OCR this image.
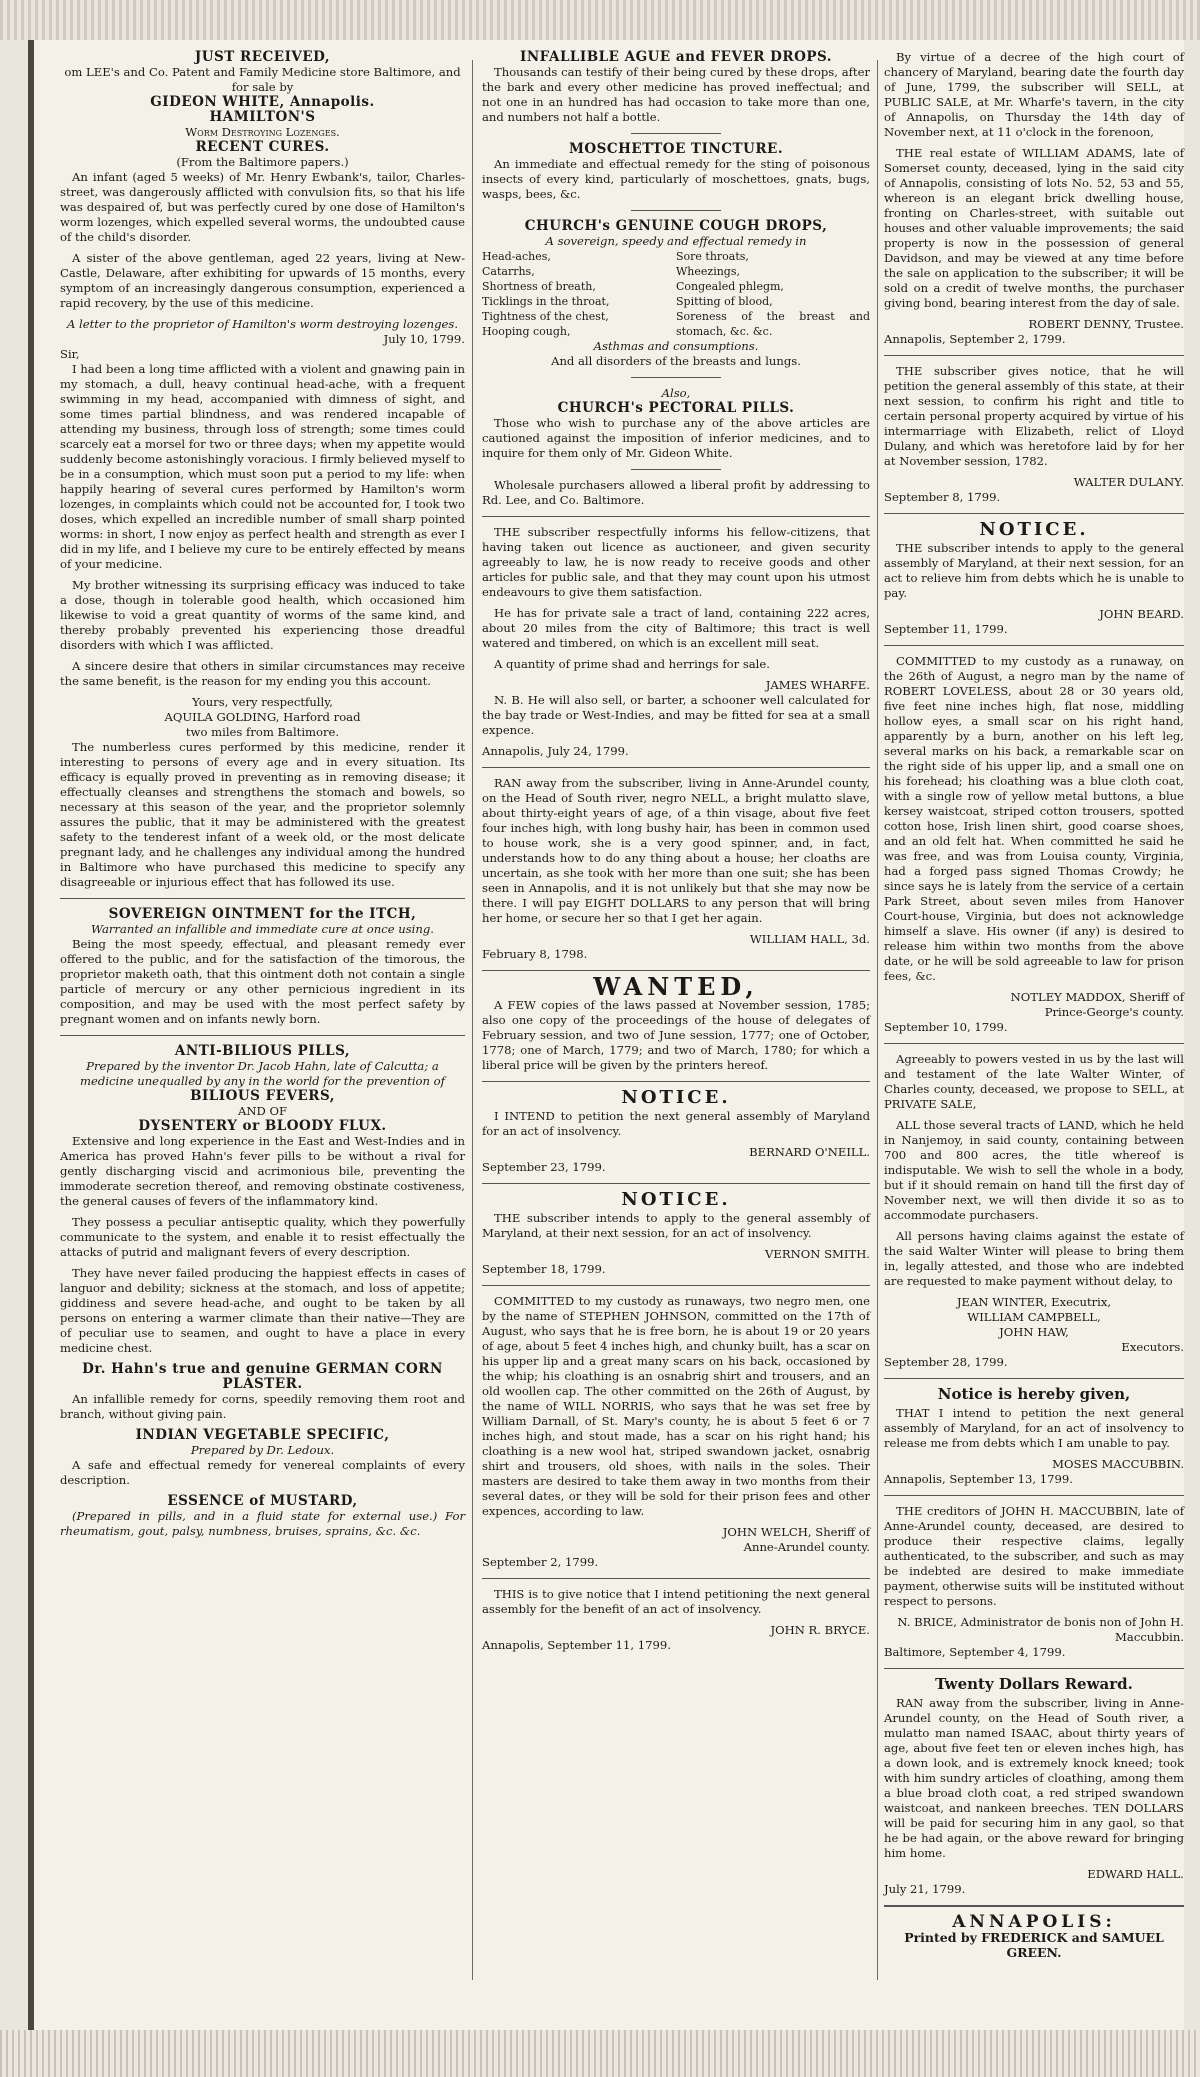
JUST RECEIVED,
om LEE's and Co. Patent and Family Medicine store Baltimore, and for sale by
GIDEON WHITE, Annapolis.
HAMILTON'S
Worm Destroying Lozenges.
RECENT CURES.
(From the Baltimore papers.)

An infant (aged 5 weeks) of Mr. Henry Ewbank's, tailor, Charles-street, was dangerously afflicted with convulsion fits, so that his life was despaired of, but was perfectly cured by one dose of Hamilton's worm lozenges, which expelled several worms, the undoubted cause of the child's disorder.

A sister of the above gentleman, aged 22 years, living at New-Castle, Delaware, after exhibiting for upwards of 15 months, every symptom of an increasingly dangerous consumption, experienced a rapid recovery, by the use of this medicine.

A letter to the proprietor of Hamilton's worm destroying lozenges.
July 10, 1799.
Sir,

I had been a long time afflicted with a violent and gnawing pain in my stomach, a dull, heavy continual head-ache, with a frequent swimming in my head, accompanied with dimness of sight, and some times partial blindness, and was rendered incapable of attending my business, through loss of strength; some times could scarcely eat a morsel for two or three days; when my appetite would suddenly become astonishingly voracious. I firmly believed myself to be in a consumption, which must soon put a period to my life: when happily hearing of several cures performed by Hamilton's worm lozenges, in complaints which could not be accounted for, I took two doses, which expelled an incredible number of small sharp pointed worms: in short, I now enjoy as perfect health and strength as ever I did in my life, and I believe my cure to be entirely effected by means of your medicine.

My brother witnessing its surprising efficacy was induced to take a dose, though in tolerable good health, which occasioned him likewise to void a great quantity of worms of the same kind, and thereby probably prevented his experiencing those dreadful disorders with which I was afflicted.

A sincere desire that others in similar circumstances may receive the same benefit, is the reason for my ending you this account.

Yours, very respectfully,
AQUILA GOLDING, Harford road
two miles from Baltimore.

The numberless cures performed by this medicine, render it interesting to persons of every age and in every situation. Its efficacy is equally proved in preventing as in removing disease; it effectually cleanses and strengthens the stomach and bowels, so necessary at this season of the year, and the proprietor solemnly assures the public, that it may be administered with the greatest safety to the tenderest infant of a week old, or the most delicate pregnant lady, and he challenges any individual among the hundred in Baltimore who have purchased this medicine to specify any disagreeable or injurious effect that has followed its use.

SOVEREIGN OINTMENT for the ITCH,
Warranted an infallible and immediate cure at once using.

Being the most speedy, effectual, and pleasant remedy ever offered to the public, and for the satisfaction of the timorous, the proprietor maketh oath, that this ointment doth not contain a single particle of mercury or any other pernicious ingredient in its composition, and may be used with the most perfect safety by pregnant women and on infants newly born.

ANTI-BILIOUS PILLS,
Prepared by the inventor Dr. Jacob Hahn, late of Calcutta; a medicine unequalled by any in the world for the prevention of
BILIOUS FEVERS,
AND OF
DYSENTERY or BLOODY FLUX.

Extensive and long experience in the East and West-Indies and in America has proved Hahn's fever pills to be without a rival for gently discharging viscid and acrimonious bile, preventing the immoderate secretion thereof, and removing obstinate costiveness, the general causes of fevers of the inflammatory kind.

They possess a peculiar antiseptic quality, which they powerfully communicate to the system, and enable it to resist effectually the attacks of putrid and malignant fevers of every description.

They have never failed producing the happiest effects in cases of languor and debility; sickness at the stomach, and loss of appetite; giddiness and severe head-ache, and ought to be taken by all persons on entering a warmer climate than their native—They are of peculiar use to seamen, and ought to have a place in every medicine chest.

Dr. Hahn's true and genuine GERMAN CORN PLASTER.

An infallible remedy for corns, speedily removing them root and branch, without giving pain.

INDIAN VEGETABLE SPECIFIC,
Prepared by Dr. Ledoux.

A safe and effectual remedy for venereal complaints of every description.

ESSENCE of MUSTARD,

(Prepared in pills, and in a fluid state for external use.) For rheumatism, gout, palsy, numbness, bruises, sprains, &c. &c.

INFALLIBLE AGUE and FEVER DROPS.

Thousands can testify of their being cured by these drops, after the bark and every other medicine has proved ineffectual; and not one in an hundred has had occasion to take more than one, and numbers not half a bottle.

MOSCHETTOE TINCTURE.

An immediate and effectual remedy for the sting of poisonous insects of every kind, particularly of moschettoes, gnats, bugs, wasps, bees, &c.

CHURCH's GENUINE COUGH DROPS,
A sovereign, speedy and effectual remedy in
Head-aches,
Catarrhs,
Shortness of breath,
Ticklings in the throat,
Tightness of the chest,
Hooping cough,
Sore throats,
Wheezings,
Congealed phlegm,
Spitting of blood,
Soreness of the breast and stomach, &c. &c.
Asthmas and consumptions.
And all disorders of the breasts and lungs.
Also,
CHURCH's PECTORAL PILLS.

Those who wish to purchase any of the above articles are cautioned against the imposition of inferior medicines, and to inquire for them only of Mr. Gideon White.

Wholesale purchasers allowed a liberal profit by addressing to Rd. Lee, and Co. Baltimore.

THE subscriber respectfully informs his fellow-citizens, that having taken out licence as auctioneer, and given security agreeably to law, he is now ready to receive goods and other articles for public sale, and that they may count upon his utmost endeavours to give them satisfaction.

He has for private sale a tract of land, containing 222 acres, about 20 miles from the city of Baltimore; this tract is well watered and timbered, on which is an excellent mill seat.

A quantity of prime shad and herrings for sale.

JAMES WHARFE.

N. B. He will also sell, or barter, a schooner well calculated for the bay trade or West-Indies, and may be fitted for sea at a small expence.

Annapolis, July 24, 1799.

RAN away from the subscriber, living in Anne-Arundel county, on the Head of South river, negro NELL, a bright mulatto slave, about thirty-eight years of age, of a thin visage, about five feet four inches high, with long bushy hair, has been in common used to house work, she is a very good spinner, and, in fact, understands how to do any thing about a house; her cloaths are uncertain, as she took with her more than one suit; she has been seen in Annapolis, and it is not unlikely but that she may now be there. I will pay EIGHT DOLLARS to any person that will bring her home, or secure her so that I get her again.

WILLIAM HALL, 3d.
February 8, 1798.
WANTED,

A FEW copies of the laws passed at November session, 1785; also one copy of the proceedings of the house of delegates of February session, and two of June session, 1777; one of October, 1778; one of March, 1779; and two of March, 1780; for which a liberal price will be given by the printers hereof.

NOTICE.

I INTEND to petition the next general assembly of Maryland for an act of insolvency.

BERNARD O'NEILL.
September 23, 1799.
NOTICE.

THE subscriber intends to apply to the general assembly of Maryland, at their next session, for an act of insolvency.

VERNON SMITH.
September 18, 1799.

COMMITTED to my custody as runaways, two negro men, one by the name of STEPHEN JOHNSON, committed on the 17th of August, who says that he is free born, he is about 19 or 20 years of age, about 5 feet 4 inches high, and chunky built, has a scar on his upper lip and a great many scars on his back, occasioned by the whip; his cloathing is an osnabrig shirt and trousers, and an old woollen cap. The other committed on the 26th of August, by the name of WILL NORRIS, who says that he was set free by William Darnall, of St. Mary's county, he is about 5 feet 6 or 7 inches high, and stout made, has a scar on his right hand; his cloathing is a new wool hat, striped swandown jacket, osnabrig shirt and trousers, old shoes, with nails in the soles. Their masters are desired to take them away in two months from their several dates, or they will be sold for their prison fees and other expences, according to law.

JOHN WELCH, Sheriff of
Anne-Arundel county.
September 2, 1799.

THIS is to give notice that I intend petitioning the next general assembly for the benefit of an act of insolvency.

JOHN R. BRYCE.
Annapolis, September 11, 1799.

By virtue of a decree of the high court of chancery of Maryland, bearing date the fourth day of June, 1799, the subscriber will SELL, at PUBLIC SALE, at Mr. Wharfe's tavern, in the city of Annapolis, on Thursday the 14th day of November next, at 11 o'clock in the forenoon,

THE real estate of WILLIAM ADAMS, late of Somerset county, deceased, lying in the said city of Annapolis, consisting of lots No. 52, 53 and 55, whereon is an elegant brick dwelling house, fronting on Charles-street, with suitable out houses and other valuable improvements; the said property is now in the possession of general Davidson, and may be viewed at any time before the sale on application to the subscriber; it will be sold on a credit of twelve months, the purchaser giving bond, bearing interest from the day of sale.

ROBERT DENNY, Trustee.
Annapolis, September 2, 1799.

THE subscriber gives notice, that he will petition the general assembly of this state, at their next session, to confirm his right and title to certain personal property acquired by virtue of his intermarriage with Elizabeth, relict of Lloyd Dulany, and which was heretofore laid by for her at November session, 1782.

WALTER DULANY.
September 8, 1799.
NOTICE.

THE subscriber intends to apply to the general assembly of Maryland, at their next session, for an act to relieve him from debts which he is unable to pay.

JOHN BEARD.
September 11, 1799.

COMMITTED to my custody as a runaway, on the 26th of August, a negro man by the name of ROBERT LOVELESS, about 28 or 30 years old, five feet nine inches high, flat nose, middling hollow eyes, a small scar on his right hand, apparently by a burn, another on his left leg, several marks on his back, a remarkable scar on the right side of his upper lip, and a small one on his forehead; his cloathing was a blue cloth coat, with a single row of yellow metal buttons, a blue kersey waistcoat, striped cotton trousers, spotted cotton hose, Irish linen shirt, good coarse shoes, and an old felt hat. When committed he said he was free, and was from Louisa county, Virginia, had a forged pass signed Thomas Crowdy; he since says he is lately from the service of a certain Park Street, about seven miles from Hanover Court-house, Virginia, but does not acknowledge himself a slave. His owner (if any) is desired to release him within two months from the above date, or he will be sold agreeable to law for prison fees, &c.

NOTLEY MADDOX, Sheriff of
Prince-George's county.
September 10, 1799.

Agreeably to powers vested in us by the last will and testament of the late Walter Winter, of Charles county, deceased, we propose to SELL, at PRIVATE SALE,

ALL those several tracts of LAND, which he held in Nanjemoy, in said county, containing between 700 and 800 acres, the title whereof is indisputable. We wish to sell the whole in a body, but if it should remain on hand till the first day of November next, we will then divide it so as to accommodate purchasers.

All persons having claims against the estate of the said Walter Winter will please to bring them in, legally attested, and those who are indebted are requested to make payment without delay, to

JEAN WINTER, Executrix,
WILLIAM CAMPBELL,
JOHN HAW,
Executors.
September 28, 1799.
Notice is hereby given,

THAT I intend to petition the next general assembly of Maryland, for an act of insolvency to release me from debts which I am unable to pay.

MOSES MACCUBBIN.
Annapolis, September 13, 1799.

THE creditors of JOHN H. MACCUBBIN, late of Anne-Arundel county, deceased, are desired to produce their respective claims, legally authenticated, to the subscriber, and such as may be indebted are desired to make immediate payment, otherwise suits will be instituted without respect to persons.

N. BRICE, Administrator de bonis non of John H. Maccubbin.
Baltimore, September 4, 1799.
Twenty Dollars Reward.

RAN away from the subscriber, living in Anne-Arundel county, on the Head of South river, a mulatto man named ISAAC, about thirty years of age, about five feet ten or eleven inches high, has a down look, and is extremely knock kneed; took with him sundry articles of cloathing, among them a blue broad cloth coat, a red striped swandown waistcoat, and nankeen breeches. TEN DOLLARS will be paid for securing him in any gaol, so that he be had again, or the above reward for bringing him home.

EDWARD HALL.
July 21, 1799.
ANNAPOLIS:
Printed by FREDERICK and SAMUEL GREEN.
